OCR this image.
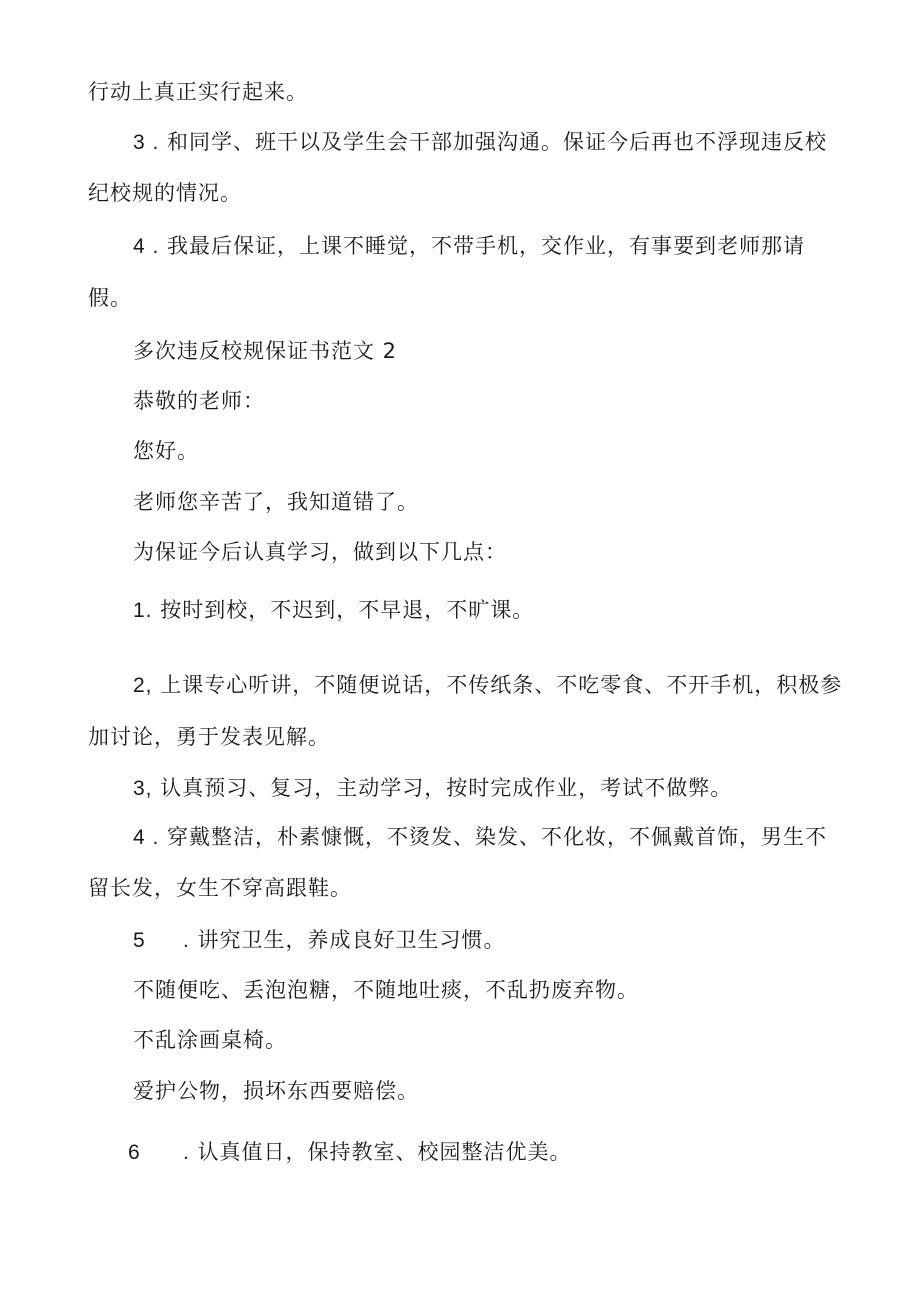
行动上真正实行起来。
3 . 和同学、班干以及学生会干部加强沟通。保证今后再也不浮现违反校
纪校规的情况。
4 . 我最后保证，上课不睡觉，不带手机，交作业，有事要到老师那请
假。
多次违反校规保证书范文 2
恭敬的老师：
您好。
老师您辛苦了，我知道错了。
为保证今后认真学习，做到以下几点：
1. 按时到校，不迟到，不早退，不旷课。
2, 上课专心听讲，不随便说话，不传纸条、不吃零食、不开手机，积极参
加讨论，勇于发表见解。
3, 认真预习、复习，主动学习，按时完成作业，考试不做弊。
4 . 穿戴整洁，朴素慷慨，不烫发、染发、不化妆，不佩戴首饰，男生不
留长发，女生不穿高跟鞋。
5 . 讲究卫生，养成良好卫生习惯。
不随便吃、丢泡泡糖，不随地吐痰，不乱扔废弃物。
不乱涂画桌椅。
爱护公物，损坏东西要赔偿。
6 . 认真值日，保持教室、校园整洁优美。
